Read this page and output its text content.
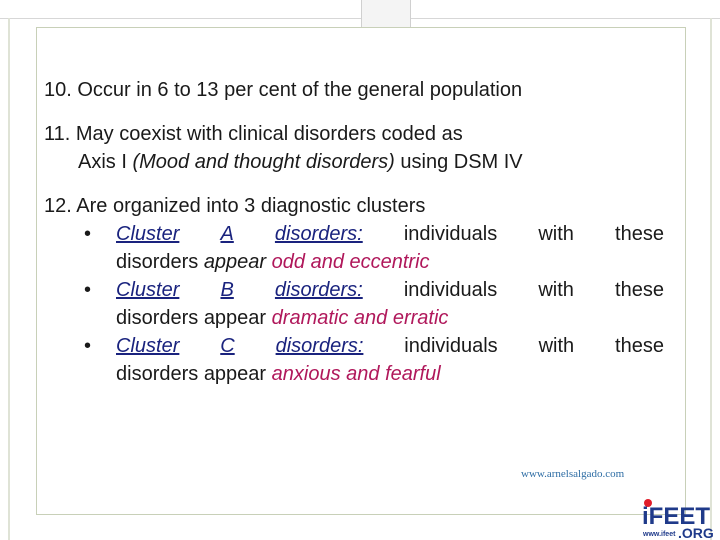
10. Occur in 6 to 13 per cent of the general population

11. May coexist with clinical disorders coded as
Axis I (Mood and thought disorders) using DSM IV
12. Are organized into 3 diagnostic clusters
• Cluster A disorders: individuals with these
disorders appear odd and eccentric
• Cluster B disorders: individuals with these
disorders appear dramatic and erratic
• Cluster C disorders: individuals with these
disorders appear anxious and fearful
www.arnelsalgado.com
iFEET
www.ifeet .ORG
